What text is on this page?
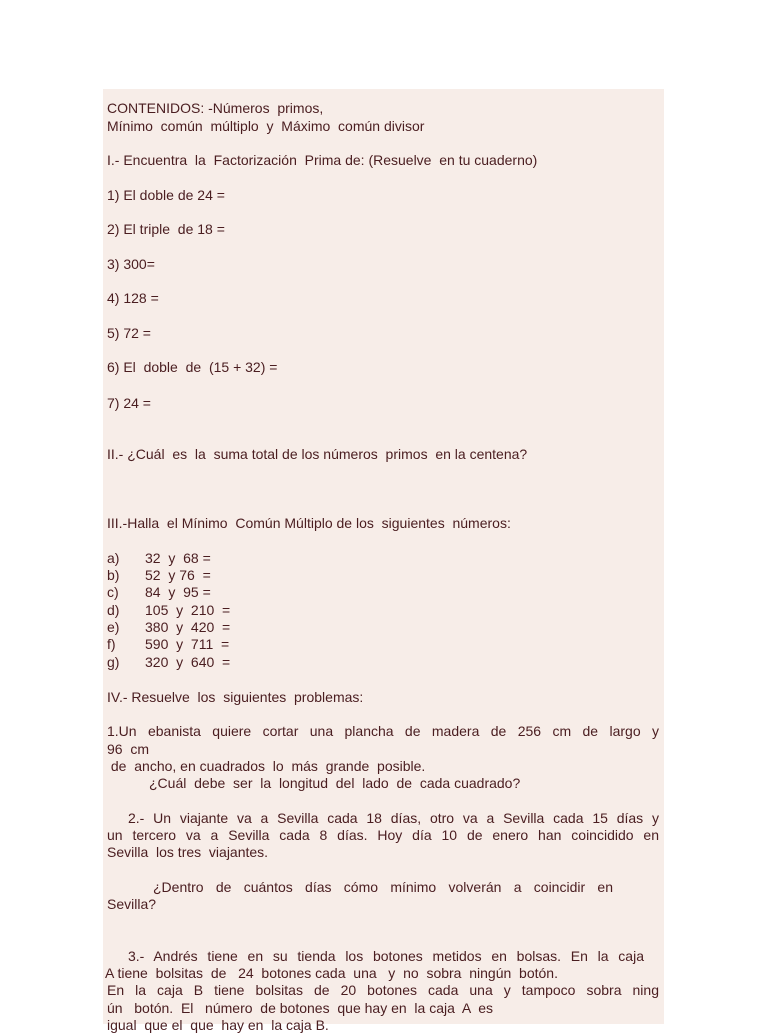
CONTENIDOS: -Números  primos,

Mínimo  común  múltiplo  y  Máximo  común divisor

I.- Encuentra  la  Factorización  Prima de: (Resuelve  en tu cuaderno)

1) El doble de 24 =

2) El triple  de 18 =

3) 300=

4) 128 =

5) 72 =

6) El  doble  de  (15 + 32) =

7) 24 =

II.- ¿Cuál  es  la  suma total de los números  primos  en la centena?

III.-Halla  el Mínimo  Común Múltiplo de los  siguientes  números:

a) 32  y  68 =

b) 52  y 76  =

c) 84  y  95 =

d) 105  y  210  =

e) 380  y  420  =

f) 590  y  711  =

g) 320  y  640  =

IV.- Resuelve  los  siguientes  problemas:

1.Un ebanista quiere cortar una plancha de madera de 256 cm de largo y

96  cm

de  ancho, en cuadrados  lo  más  grande  posible.

¿Cuál  debe  ser  la  longitud  del  lado  de  cada cuadrado?

2.- Un viajante va a Sevilla cada 18 días, otro va a Sevilla cada 15 días y

un tercero va a Sevilla cada 8 días. Hoy día 10 de enero han coincidido en

Sevilla  los tres  viajantes.

¿Dentro de cuántos días cómo mínimo volverán a coincidir en

Sevilla?

3.- Andrés tiene en su tienda los botones metidos en bolsas. En la caja

A tiene  bolsitas  de   24  botones cada  una   y  no  sobra  ningún  botón.

En la caja B tiene bolsitas de 20 botones cada una y tampoco sobra ning

ún   botón.  El   número  de botones  que hay en  la caja  A  es

igual  que el  que  hay en  la caja B.
